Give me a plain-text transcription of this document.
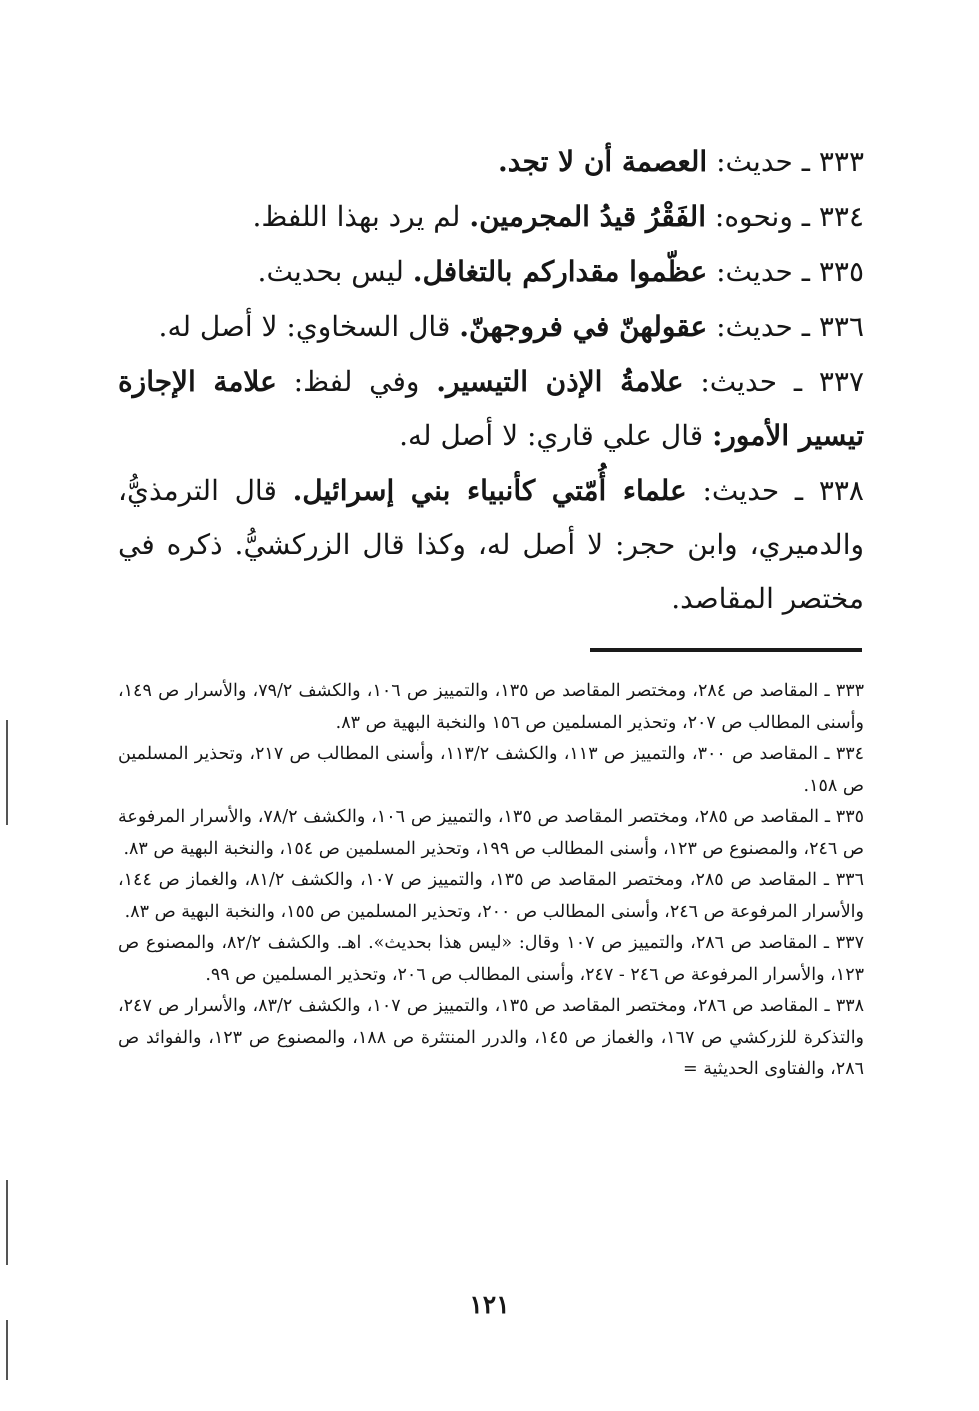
٣٣٣ ـ حديث: العصمة أن لا تجد.

٣٣٤ ـ ونحوه: الفَقْرُ قيدُ المجرمين. لم يرد بهذا اللفظ.

٣٣٥ ـ حديث: عظّموا مقداركم بالتغافل. ليس بحديث.

٣٣٦ ـ حديث: عقولهنّ في فروجهنّ. قال السخاوي: لا أصل له.

٣٣٧ ـ حديث: علامةُ الإذن التيسير. وفي لفظ: علامة الإجازة تيسير الأمور: قال علي قاري: لا أصل له.

٣٣٨ ـ حديث: علماء أُمّتي كأنبياء بني إسرائيل. قال الترمذيُّ، والدميري، وابن حجر: لا أصل له، وكذا قال الزركشيُّ. ذكره في مختصر المقاصد.

٣٣٣ ـ المقاصد ص ٢٨٤، ومختصر المقاصد ص ١٣٥، والتمييز ص ١٠٦، والكشف ٧٩/٢، والأسرار ص ١٤٩، وأسنى المطالب ص ٢٠٧، وتحذير المسلمين ص ١٥٦ والنخبة البهية ص ٨٣.

٣٣٤ ـ المقاصد ص ٣٠٠، والتمييز ص ١١٣، والكشف ١١٣/٢، وأسنى المطالب ص ٢١٧، وتحذير المسلمين ص ١٥٨.

٣٣٥ ـ المقاصد ص ٢٨٥، ومختصر المقاصد ص ١٣٥، والتمييز ص ١٠٦، والكشف ٧٨/٢، والأسرار المرفوعة ص ٢٤٦، والمصنوع ص ١٢٣، وأسنى المطالب ص ١٩٩، وتحذير المسلمين ص ١٥٤، والنخبة البهية ص ٨٣.

٣٣٦ ـ المقاصد ص ٢٨٥، ومختصر المقاصد ص ١٣٥، والتمييز ص ١٠٧، والكشف ٨١/٢، والغماز ص ١٤٤، والأسرار المرفوعة ص ٢٤٦، وأسنى المطالب ص ٢٠٠، وتحذير المسلمين ص ١٥٥، والنخبة البهية ص ٨٣.

٣٣٧ ـ المقاصد ص ٢٨٦، والتمييز ص ١٠٧ وقال: «ليس هذا بحديث». اهـ. والكشف ٨٢/٢، والمصنوع ص ١٢٣، والأسرار المرفوعة ص ٢٤٦ - ٢٤٧، وأسنى المطالب ص ٢٠٦، وتحذير المسلمين ص ٩٩.

٣٣٨ ـ المقاصد ص ٢٨٦، ومختصر المقاصد ص ١٣٥، والتمييز ص ١٠٧، والكشف ٨٣/٢، والأسرار ص ٢٤٧، والتذكرة للزركشي ص ١٦٧، والغماز ص ١٤٥، والدرر المنتثرة ص ١٨٨، والمصنوع ص ١٢٣، والفوائد ص ٢٨٦، والفتاوى الحديثية =

١٢١
